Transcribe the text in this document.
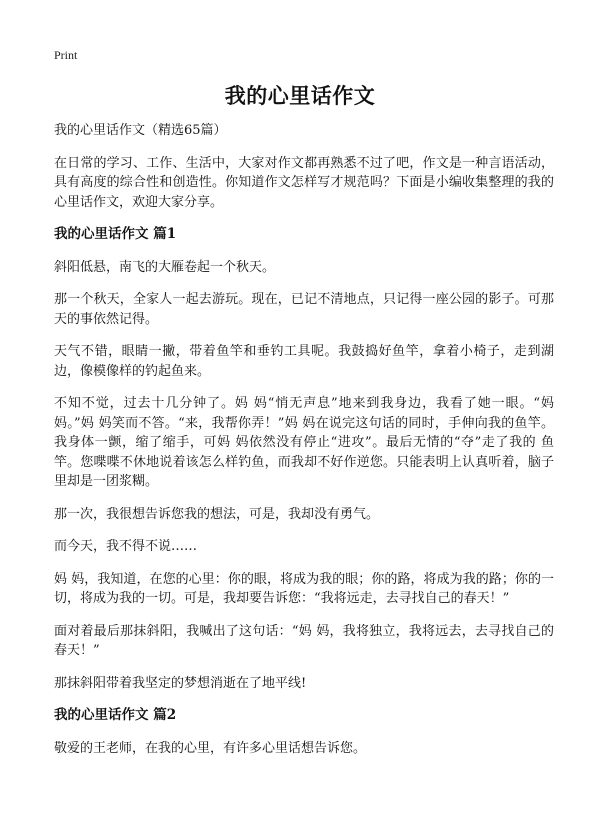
Print
我的心里话作文

我的心里话作文（精选65篇）

在日常的学习、工作、生活中，大家对作文都再熟悉不过了吧，作文是一种言语活动，具有高度的综合性和创造性。你知道作文怎样写才规范吗？下面是小编收集整理的我的心里话作文，欢迎大家分享。

我的心里话作文 篇1

斜阳低悬，南飞的大雁卷起一个秋天。

那一个秋天，全家人一起去游玩。现在，已记不清地点，只记得一座公园的影子。可那天的事依然记得。

天气不错，眼睛一撇，带着鱼竿和垂钓工具呢。我鼓捣好鱼竿，拿着小椅子，走到湖边，像模像样的钓起鱼来。

不知不觉，过去十几分钟了。妈 妈“悄无声息”地来到我身边，我看了她一眼。“妈妈。”妈 妈笑而不答。“来，我帮你弄！”妈 妈在说完这句话的同时，手伸向我的鱼竿。我身体一颤，缩了缩手，可妈 妈依然没有停止“进攻”。最后无情的“夺”走了我的 鱼竿。您喋喋不休地说着该怎么样钓鱼，而我却不好作逆您。只能表明上认真听着，脑子里却是一团浆糊。

那一次，我很想告诉您我的想法，可是，我却没有勇气。

而今天，我不得不说……

妈 妈，我知道，在您的心里：你的眼，将成为我的眼；你的路，将成为我的路；你的一切，将成为我的一切。可是，我却要告诉您：“我将远走，去寻找自己的春天！”

面对着最后那抹斜阳，我喊出了这句话：“妈 妈，我将独立，我将远去，去寻找自己的春天！”

那抹斜阳带着我坚定的梦想消逝在了地平线!

我的心里话作文 篇2

敬爱的王老师，在我的心里，有许多心里话想告诉您。
